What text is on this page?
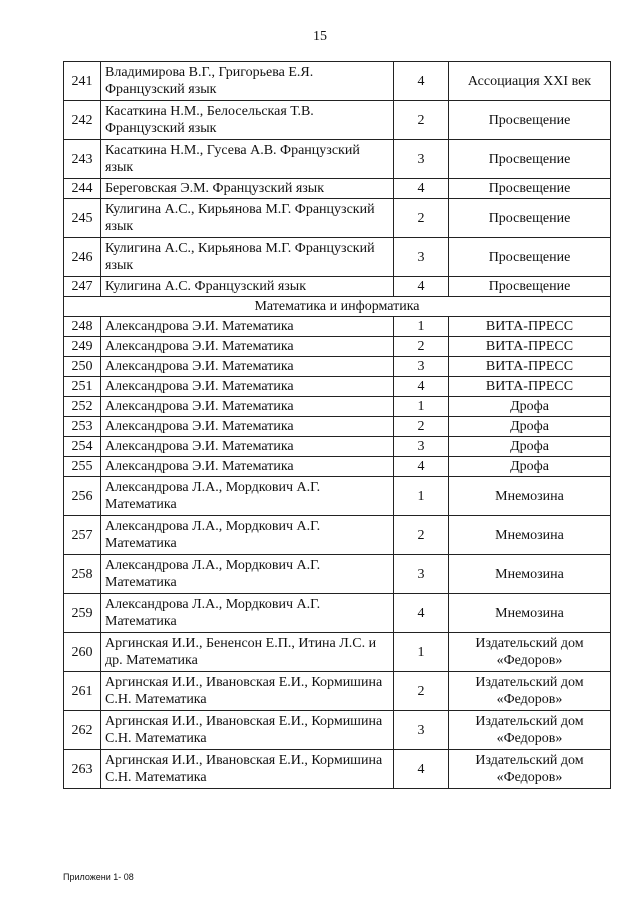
15
241	Владимирова В.Г., Григорьева Е.Я. Французский язык	4	Ассоциация XXI век
242	Касаткина Н.М., Белосельская Т.В. Французский язык	2	Просвещение
243	Касаткина Н.М., Гусева А.В. Французский язык	3	Просвещение
244	Береговская Э.М. Французский язык	4	Просвещение
245	Кулигина А.С., Кирьянова М.Г. Французский язык	2	Просвещение
246	Кулигина А.С., Кирьянова М.Г. Французский язык	3	Просвещение
247	Кулигина А.С. Французский язык	4	Просвещение
Математика и информатика			
248	Александрова Э.И. Математика	1	ВИТА-ПРЕСС
249	Александрова Э.И. Математика	2	ВИТА-ПРЕСС
250	Александрова Э.И. Математика	3	ВИТА-ПРЕСС
251	Александрова Э.И. Математика	4	ВИТА-ПРЕСС
252	Александрова Э.И. Математика	1	Дрофа
253	Александрова Э.И. Математика	2	Дрофа
254	Александрова Э.И. Математика	3	Дрофа
255	Александрова Э.И. Математика	4	Дрофа
256	Александрова Л.А., Мордкович А.Г. Математика	1	Мнемозина
257	Александрова Л.А., Мордкович А.Г. Математика	2	Мнемозина
258	Александрова Л.А., Мордкович А.Г. Математика	3	Мнемозина
259	Александрова Л.А., Мордкович А.Г. Математика	4	Мнемозина
260	Аргинская И.И., Бененсон Е.П., Итина Л.С. и др. Математика	1	Издательский дом «Федоров»
261	Аргинская И.И., Ивановская Е.И., Кормишина С.Н. Математика	2	Издательский дом «Федоров»
262	Аргинская И.И., Ивановская Е.И., Кормишина С.Н. Математика	3	Издательский дом «Федоров»
263	Аргинская И.И., Ивановская Е.И., Кормишина С.Н. Математика	4	Издательский дом «Федоров»
Приложени 1- 08
